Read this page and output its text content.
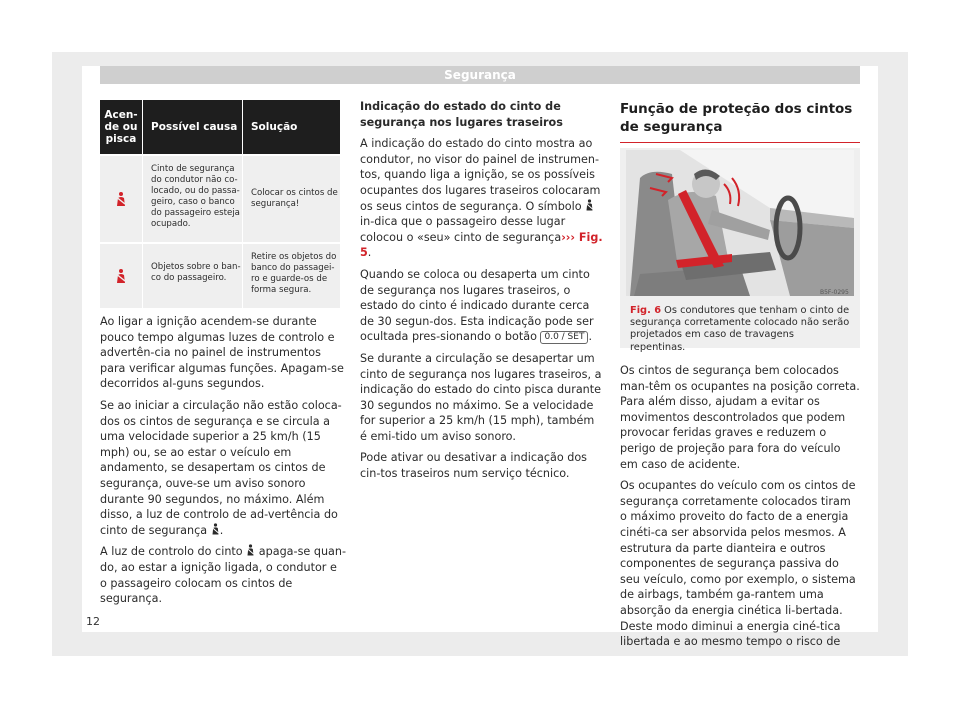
Segurança
Acen-
de ou
pisca
Possível causa	Solução
Cinto de segurança do condutor não co-locado, ou do passa-geiro, caso o banco do passageiro esteja ocupado.
Colocar os cintos de segurança!
Objetos sobre o ban-co do passageiro.
Retire os objetos do banco do passagei-ro e guarde-os de forma segura.

Ao ligar a ignição acendem-se durante pouco tempo algumas luzes de controlo e advertên-cia no painel de instrumentos para verificar algumas funções. Apagam-se decorridos al-guns segundos.

Se ao iniciar a circulação não estão coloca-dos os cintos de segurança e se circula a uma velocidade superior a 25 km/h (15 mph) ou, se ao estar o veículo em andamento, se desapertam os cintos de segurança, ouve-se um aviso sonoro durante 90 segundos, no máximo. Além disso, a luz de controlo de ad-vertência do cinto de segurança .

A luz de controlo do cinto apaga-se quan-do, ao estar a ignição ligada, o condutor e o passageiro colocam os cintos de segurança.

Indicação do estado do cinto de segurança nos lugares traseiros

A indicação do estado do cinto mostra ao condutor, no visor do painel de instrumen-tos, quando liga a ignição, se os possíveis ocupantes dos lugares traseiros colocaram os seus cintos de segurança. O símbolo  in-dica que o passageiro desse lugar colocou o «seu» cinto de segurança››› Fig. 5.

Quando se coloca ou desaperta um cinto de segurança nos lugares traseiros, o estado do cinto é indicado durante cerca de 30 segun-dos. Esta indicação pode ser ocultada pres-sionando o botão 0.0 / SET .

Se durante a circulação se desapertar um cinto de segurança nos lugares traseiros, a indicação do estado do cinto pisca durante 30 segundos no máximo. Se a velocidade for superior a 25 km/h (15 mph), também é emi-tido um aviso sonoro.

Pode ativar ou desativar a indicação dos cin-tos traseiros num serviço técnico.

Função de proteção dos cintos de segurança
B5F-0295
Fig. 6 Os condutores que tenham o cinto de segurança corretamente colocado não serão projetados em caso de travagens repentinas.

Os cintos de segurança bem colocados man-têm os ocupantes na posição correta. Para além disso, ajudam a evitar os movimentos descontrolados que podem provocar feridas graves e reduzem o perigo de projeção para fora do veículo em caso de acidente.

Os ocupantes do veículo com os cintos de segurança corretamente colocados tiram o máximo proveito do facto de a energia cinéti-ca ser absorvida pelos mesmos. A estrutura da parte dianteira e outros componentes de segurança passiva do seu veículo, como por exemplo, o sistema de airbags, também ga-rantem uma absorção da energia cinética li-bertada. Deste modo diminui a energia ciné-tica libertada e ao mesmo tempo o risco de

12
